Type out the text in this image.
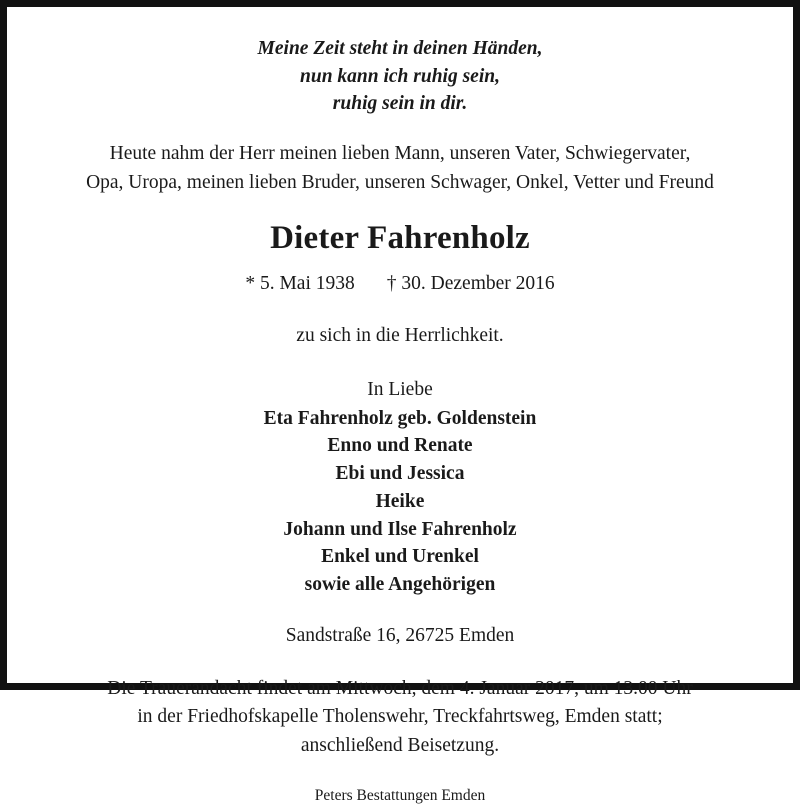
Meine Zeit steht in deinen Händen,
nun kann ich ruhig sein,
ruhig sein in dir.
Heute nahm der Herr meinen lieben Mann, unseren Vater, Schwiegervater,
Opa, Uropa, meinen lieben Bruder, unseren Schwager, Onkel, Vetter und Freund
Dieter Fahrenholz
* 5. Mai 1938 † 30. Dezember 2016
zu sich in die Herrlichkeit.
In Liebe
Eta Fahrenholz geb. Goldenstein
Enno und Renate
Ebi und Jessica
Heike
Johann und Ilse Fahrenholz
Enkel und Urenkel
sowie alle Angehörigen
Sandstraße 16, 26725 Emden
Die Trauerandacht findet am Mittwoch, dem 4. Januar 2017, um 13.00 Uhr
in der Friedhofskapelle Tholenswehr, Treckfahrtsweg, Emden statt;
anschließend Beisetzung.
Peters Bestattungen Emden
